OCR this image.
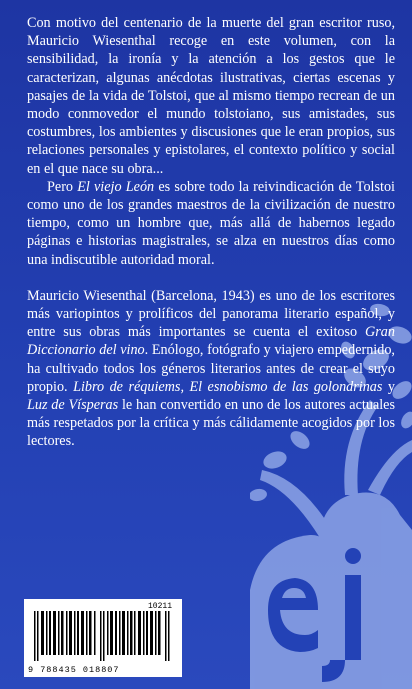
Con motivo del centenario de la muerte del gran escritor ruso, Mauricio Wiesenthal recoge en este volumen, con la sensibilidad, la ironía y la atención a los gestos que le caracterizan, algunas anécdotas ilustrativas, ciertas escenas y pasajes de la vida de Tolstoi, que al mismo tiempo recrean de un modo conmovedor el mundo tolstoiano, sus amistades, sus costumbres, los ambientes y discusiones que le eran propios, sus relaciones personales y epistolares, el contexto político y social en el que nace su obra...

Pero El viejo León es sobre todo la reivindicación de Tolstoi como uno de los grandes maestros de la civilización de nuestro tiempo, como un hombre que, más allá de habernos legado páginas e historias magistrales, se alza en nuestros días como una indiscutible autoridad moral.

Mauricio Wiesenthal (Barcelona, 1943) es uno de los escritores más variopintos y prolíficos del panorama literario español, y entre sus obras más importantes se cuenta el exitoso Gran Diccionario del vino. Enólogo, fotógrafo y viajero empedernido, ha cultivado todos los géneros literarios antes de crear el suyo propio. Libro de réquiems, El esnobismo de las golondrinas y Luz de Vísperas le han convertido en uno de los autores actuales más respetados por la crítica y más cálidamente acogidos por los lectores.

10211
9 788435 018807
